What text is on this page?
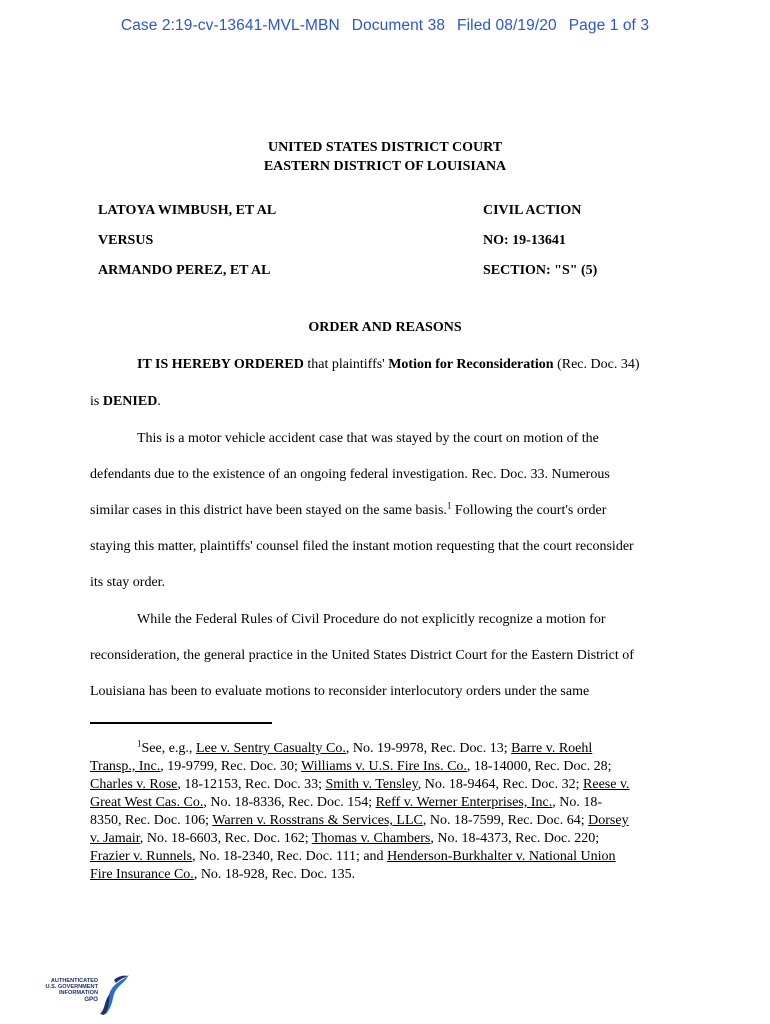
Case 2:19-cv-13641-MVL-MBN Document 38 Filed 08/19/20 Page 1 of 3
UNITED STATES DISTRICT COURT
EASTERN DISTRICT OF LOUISIANA
LATOYA WIMBUSH, ET AL
VERSUS
ARMANDO PEREZ, ET AL
CIVIL ACTION
NO: 19-13641
SECTION: "S" (5)
ORDER AND REASONS
IT IS HEREBY ORDERED that plaintiffs' Motion for Reconsideration (Rec. Doc. 34)
is DENIED.
This is a motor vehicle accident case that was stayed by the court on motion of the
defendants due to the existence of an ongoing federal investigation. Rec. Doc. 33. Numerous
similar cases in this district have been stayed on the same basis.$^1$ Following the court's order
staying this matter, plaintiffs' counsel filed the instant motion requesting that the court reconsider
its stay order.
While the Federal Rules of Civil Procedure do not explicitly recognize a motion for
reconsideration, the general practice in the United States District Court for the Eastern District of
Louisiana has been to evaluate motions to reconsider interlocutory orders under the same
$^1$See, e.g., Lee v. Sentry Casualty Co., No. 19-9978, Rec. Doc. 13; Barre v. Roehl
Transp., Inc., 19-9799, Rec. Doc. 30; Williams v. U.S. Fire Ins. Co., 18-14000, Rec. Doc. 28;
Charles v. Rose, 18-12153, Rec. Doc. 33; Smith v. Tensley, No. 18-9464, Rec. Doc. 32; Reese v.
Great West Cas. Co., No. 18-8336, Rec. Doc. 154; Reff v. Werner Enterprises, Inc., No. 18-
8350, Rec. Doc. 106; Warren v. Rosstrans & Services, LLC, No. 18-7599, Rec. Doc. 64; Dorsey
v. Jamair, No. 18-6603, Rec. Doc. 162; Thomas v. Chambers, No. 18-4373, Rec. Doc. 220;
Frazier v. Runnels, No. 18-2340, Rec. Doc. 111; and Henderson-Burkhalter v. National Union
Fire Insurance Co., No. 18-928, Rec. Doc. 135.
AUTHENTICATED
U.S. GOVERNMENT
INFORMATION
GPO
